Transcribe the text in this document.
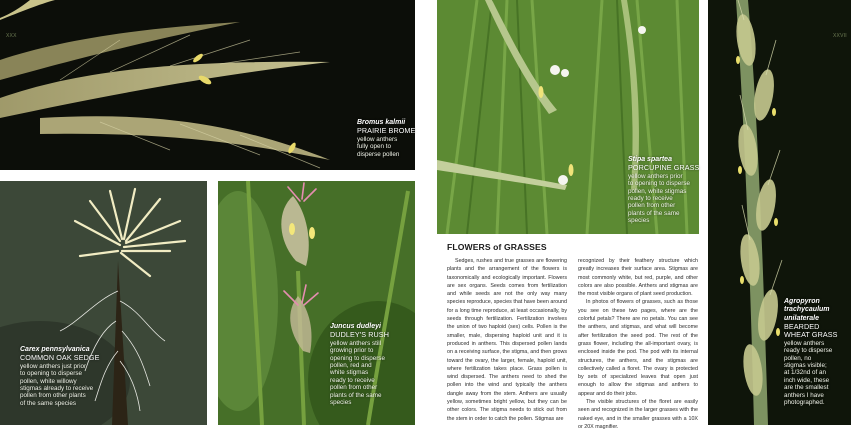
XXX
Bromus kalmii
PRAIRIE BROME
yellow anthers
fully open to
disperse pollen
Carex pennsylvanica
COMMON OAK SEDGE
yellow anthers just prior
to opening to disperse
pollen, white willowy
stigmas already to receive
pollen from other plants
of the same species
Juncus dudleyi
DUDLEY'S RUSH
yellow anthers still
growing prior to
opening to disperse
pollen, red and
white stigmas
ready to receive
pollen from other
plants of the same
species
Stipa spartea
PORCUPINE GRASS
yellow anthers prior
to opening to disperse
pollen, white stigmas
ready to receive
pollen from other
plants of the same
species
XXVII
Agropyron
trachycaulum
unilaterale
BEARDED
WHEAT GRASS
yellow anthers
ready to disperse
pollen, no
stigmas visible;
at 1/32nd of an
inch wide, these
are the smallest
anthers I have
photographed.
FLOWERS of GRASSES

Sedges, rushes and true grasses are flowering plants and the arrangement of the flowers is taxonomically and ecologically important. Flowers are sex organs. Seeds comes from fertilization and while seeds are not the only way many species reproduce, species that have been around for a long time reproduce, at least occasionally, by seeds through fertilization. Fertilization involves the union of two haploid (sex) cells. Pollen is the smaller, male, dispersing haploid unit and it is produced in anthers. This dispersed pollen lands on a receiving surface, the stigma, and then grows toward the ovary, the larger, female, haploid unit, where fertilization takes place. Grass pollen is wind dispersed. The anthers need to shed the pollen into the wind and typically the anthers dangle away from the stem. Anthers are usually yellow, sometimes bright yellow, but they can be other colors. The stigma needs to stick out from the stem in order to catch the pollen. Stigmas are

recognized by their feathery structure which greatly increases their surface area. Stigmas are most commonly white, but red, purple, and other colors are also possible. Anthers and stigmas are the most visible organs of plant seed production.

In photos of flowers of grasses, such as those you see on these two pages, where are the colorful petals? There are no petals. You can see the anthers, and stigmas, and what will become after fertilization the seed pod. The rest of the grass flower, including the all-important ovary, is enclosed inside the pod. The pod with its internal structures, the anthers, and the stigmas are collectively called a floret. The ovary is protected by sets of specialized leaves that open just enough to allow the stigmas and anthers to appear and do their jobs.

The visible structures of the floret are easily seen and recognized in the larger grasses with the naked eye, and in the smaller grasses with a 10X or 20X magnifier.
